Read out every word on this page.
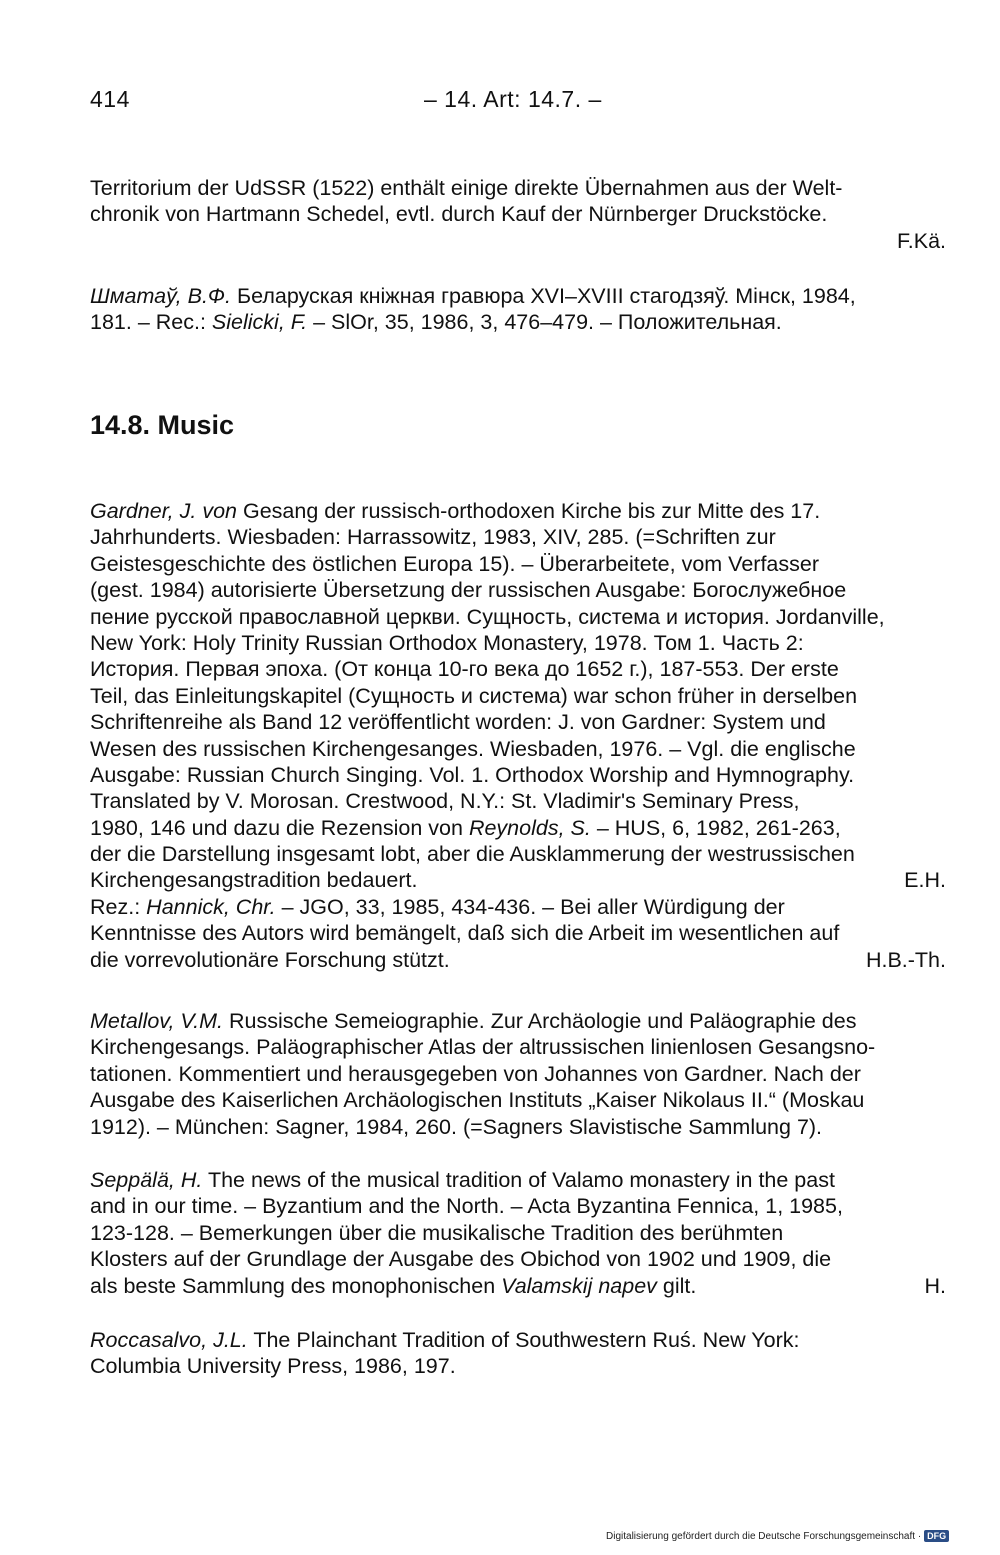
414	– 14. Art: 14.7. –
Territorium der UdSSR (1522) enthält einige direkte Übernahmen aus der Welt-
chronik von Hartmann Schedel, evtl. durch Kauf der Nürnberger Druckstöcke.
F.Kä.
Шматаў, В.Ф. Беларуская кніжная гравюра XVI–XVIII стагодзяў. Мінск, 1984,
181. – Rec.: Sielicki, F. – SlOr, 35, 1986, 3, 476–479. – Положительная.
14.8. Music
Gardner, J. von Gesang der russisch-orthodoxen Kirche bis zur Mitte des 17.
Jahrhunderts. Wiesbaden: Harrassowitz, 1983, XIV, 285. (=Schriften zur
Geistesgeschichte des östlichen Europa 15). – Überarbeitete, vom Verfasser
(gest. 1984) autorisierte Übersetzung der russischen Ausgabe: Богослужебное
пение русской православной церкви. Сущность, система и история. Jordanville,
New York: Holy Trinity Russian Orthodox Monastery, 1978. Том 1. Часть 2:
История. Первая эпоха. (От конца 10-го века до 1652 г.), 187-553. Der erste
Teil, das Einleitungskapitel (Сущность и система) war schon früher in derselben
Schriftenreihe als Band 12 veröffentlicht worden: J. von Gardner: System und
Wesen des russischen Kirchengesanges. Wiesbaden, 1976. – Vgl. die englische
Ausgabe: Russian Church Singing. Vol. 1. Orthodox Worship and Hymnography.
Translated by V. Morosan. Crestwood, N.Y.: St. Vladimir's Seminary Press,
1980, 146 und dazu die Rezension von Reynolds, S. – HUS, 6, 1982, 261-263,
der die Darstellung insgesamt lobt, aber die Ausklammerung der westrussischen
Kirchengesangstradition bedauert.	E.H.
Rez.: Hannick, Chr. – JGO, 33, 1985, 434-436. – Bei aller Würdigung der
Kenntnisse des Autors wird bemängelt, daß sich die Arbeit im wesentlichen auf
die vorrevolutionäre Forschung stützt.	H.B.-Th.
Metallov, V.M. Russische Semeiographie. Zur Archäologie und Paläographie des
Kirchengesangs. Paläographischer Atlas der altrussischen linienlosen Gesangsno-
tationen. Kommentiert und herausgegeben von Johannes von Gardner. Nach der
Ausgabe des Kaiserlichen Archäologischen Instituts „Kaiser Nikolaus II.“ (Moskau
1912). – München: Sagner, 1984, 260. (=Sagners Slavistische Sammlung 7).
Seppälä, H. The news of the musical tradition of Valamo monastery in the past
and in our time. – Byzantium and the North. – Acta Byzantina Fennica, 1, 1985,
123-128. – Bemerkungen über die musikalische Tradition des berühmten
Klosters auf der Grundlage der Ausgabe des Obichod von 1902 und 1909, die
als beste Sammlung des monophonischen Valamskij napev gilt.	H.
Roccasalvo, J.L. The Plainchant Tradition of Southwestern Ruś. New York:
Columbia University Press, 1986, 197.
Digitalisierung gefördert durch die Deutsche Forschungsgemeinschaft · DFG
